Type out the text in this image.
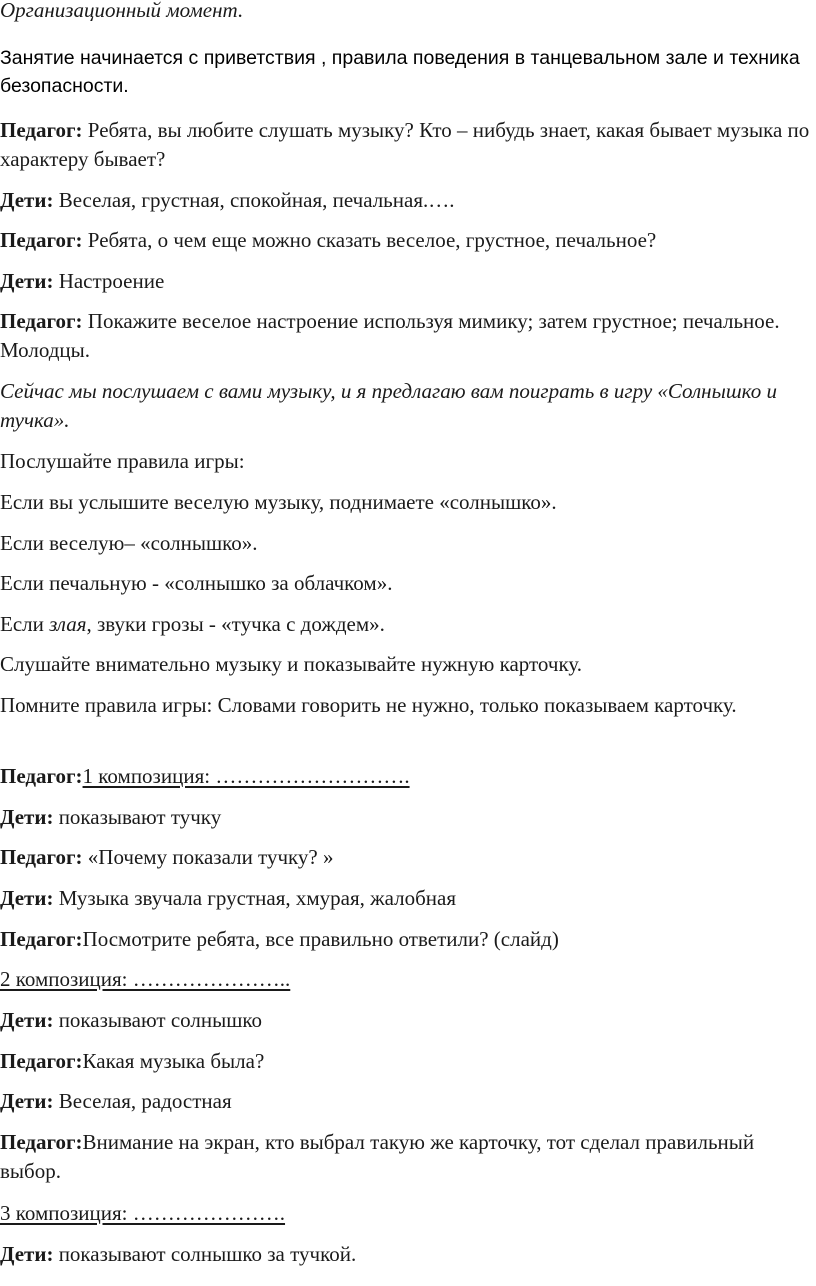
Организационный момент.

Занятие начинается с приветствия , правила поведения в танцевальном зале и техника безопасности.

Педагог: Ребята, вы любите слушать музыку? Кто – нибудь знает, какая бывает музыка по характеру бывает?

Дети: Веселая, грустная, спокойная, печальная.….

Педагог: Ребята, о чем еще можно сказать веселое, грустное, печальное?

Дети: Настроение

Педагог: Покажите веселое настроение используя мимику; затем грустное; печальное. Молодцы.

Сейчас мы послушаем с вами музыку, и я предлагаю вам поиграть в игру «Солнышко и тучка».

Послушайте правила игры:

Если вы услышите веселую музыку, поднимаете «солнышко».

Если веселую– «солнышко».

Если печальную - «солнышко за облачком».

Если злая, звуки грозы - «тучка с дождем».

Слушайте внимательно музыку и показывайте нужную карточку.

Помните правила игры: Словами говорить не нужно, только показываем карточку.

Педагог:1 композиция: ……………………….

Дети: показывают тучку

Педагог: «Почему показали тучку? »

Дети: Музыка звучала грустная, хмурая, жалобная

Педагог:Посмотрите ребята, все правильно ответили? (слайд)

2 композиция: …………………..

Дети: показывают солнышко

Педагог:Какая музыка была?

Дети: Веселая, радостная

Педагог:Внимание на экран, кто выбрал такую же карточку, тот сделал правильный выбор.

3 композиция: ………………….

Дети: показывают солнышко за тучкой.
